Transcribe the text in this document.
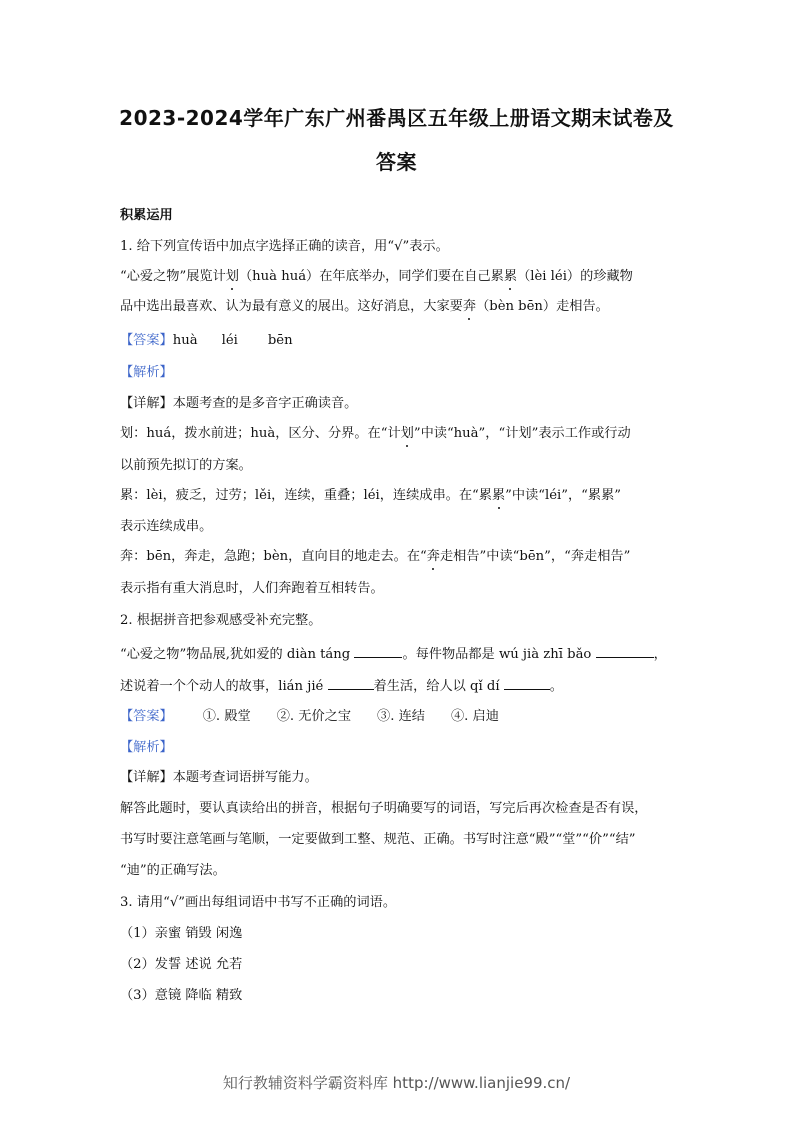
2023-2024学年广东广州番禺区五年级上册语文期末试卷及
答案
积累运用
1. 给下列宣传语中加点字选择正确的读音，用“√”表示。
“心爱之物”展览计划（huà huá）在年底举办，同学们要在自己累累（lèi léi）的珍藏物
品中选出最喜欢、认为最有意义的展出。这好消息，大家要奔（bèn bēn）走相告。
【答案】huà léi bēn
【解析】
【详解】本题考查的是多音字正确读音。
划：huá，拨水前进；huà，区分、分界。在“计划”中读“huà”，“计划”表示工作或行动
以前预先拟订的方案。
累：lèi，疲乏，过劳；lěi，连续，重叠；léi，连续成串。在“累累”中读“léi”，“累累”
表示连续成串。
奔：bēn，奔走，急跑；bèn，直向目的地走去。在“奔走相告”中读“bēn”，“奔走相告”
表示指有重大消息时，人们奔跑着互相转告。
2. 根据拼音把参观感受补充完整。
“心爱之物”物品展,犹如爱的 diàn táng	。每件物品都是 wú jià zhī bǎo	，
述说着一个个动人的故事，lián jié	着生活，给人以 qǐ dí	。
【答案】 ①. 殿堂 ②. 无价之宝 ③. 连结 ④. 启迪
【解析】
【详解】本题考查词语拼写能力。
解答此题时，要认真读给出的拼音，根据句子明确要写的词语，写完后再次检查是否有误，
书写时要注意笔画与笔顺，一定要做到工整、规范、正确。书写时注意“殿”“堂”“价”“结”
“迪”的正确写法。
3. 请用“√”画出每组词语中书写不正确的词语。
（1）亲蜜 销毁 闲逸
（2）发誓 述说 允若
（3）意镜 降临 精致
知行教辅资料学霸资料库 http://www.lianjie99.cn/
